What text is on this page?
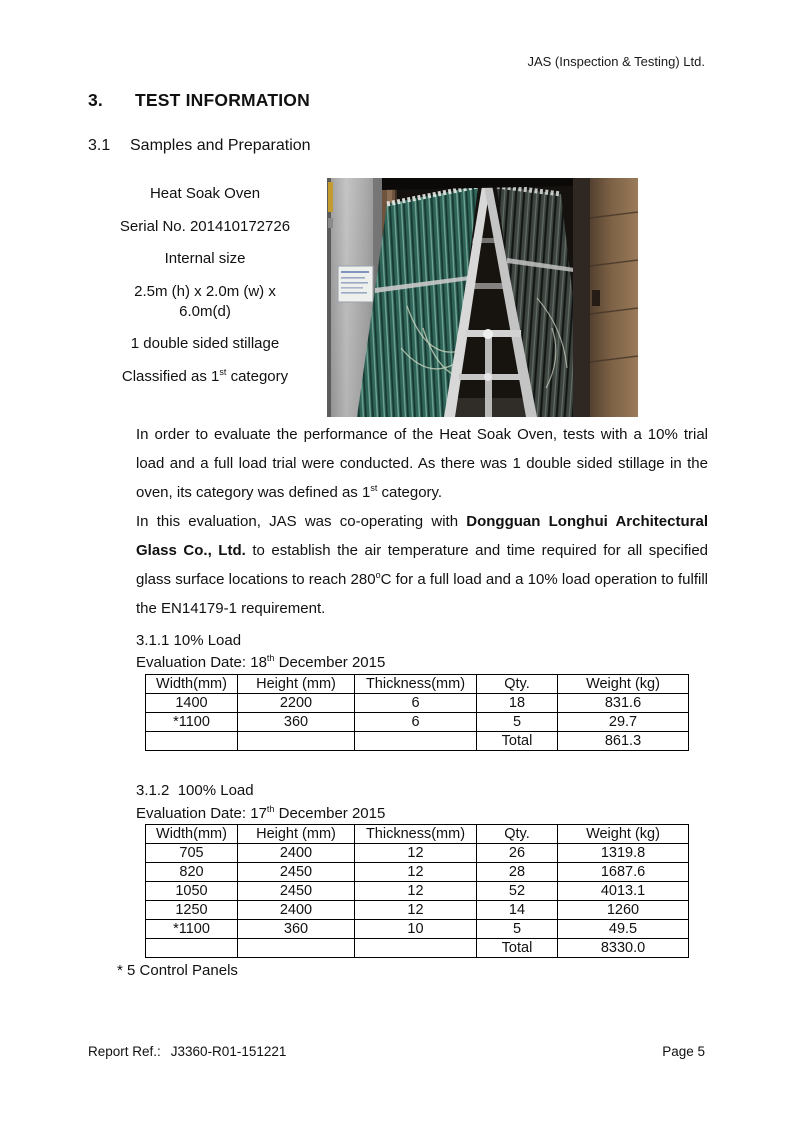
JAS (Inspection & Testing) Ltd.
3.	TEST INFORMATION
3.1	Samples and Preparation
Heat Soak Oven
Serial No. 201410172726
Internal size
2.5m (h) x 2.0m (w) x
6.0m(d)
1 double sided stillage
Classified as 1st category

In order to evaluate the performance of the Heat Soak Oven, tests with a 10% trial load and a full load trial were conducted. As there was 1 double sided stillage in the oven, its category was defined as 1st category.

In this evaluation, JAS was co-operating with Dongguan Longhui Architectural Glass Co., Ltd. to establish the air temperature and time required for all specified glass surface locations to reach 280$^o$C for a full load and a 10% load operation to fulfill the EN14179-1 requirement.

3.1.1 10% Load
Evaluation Date: 18th December 2015
Width(mm)	Height (mm)	Thickness(mm)	Qty.	Weight (kg)
1400	2200	6	18	831.6
*1100	360	6	5	29.7
			Total	861.3
3.1.2  100% Load
Evaluation Date: 17th December 2015
Width(mm)	Height (mm)	Thickness(mm)	Qty.	Weight (kg)
705	2400	12	26	1319.8
820	2450	12	28	1687.6
1050	2450	12	52	4013.1
1250	2400	12	14	1260
*1100	360	10	5	49.5
			Total	8330.0
* 5 Control Panels
Report Ref.: J3360-R01-151221	Page 5
